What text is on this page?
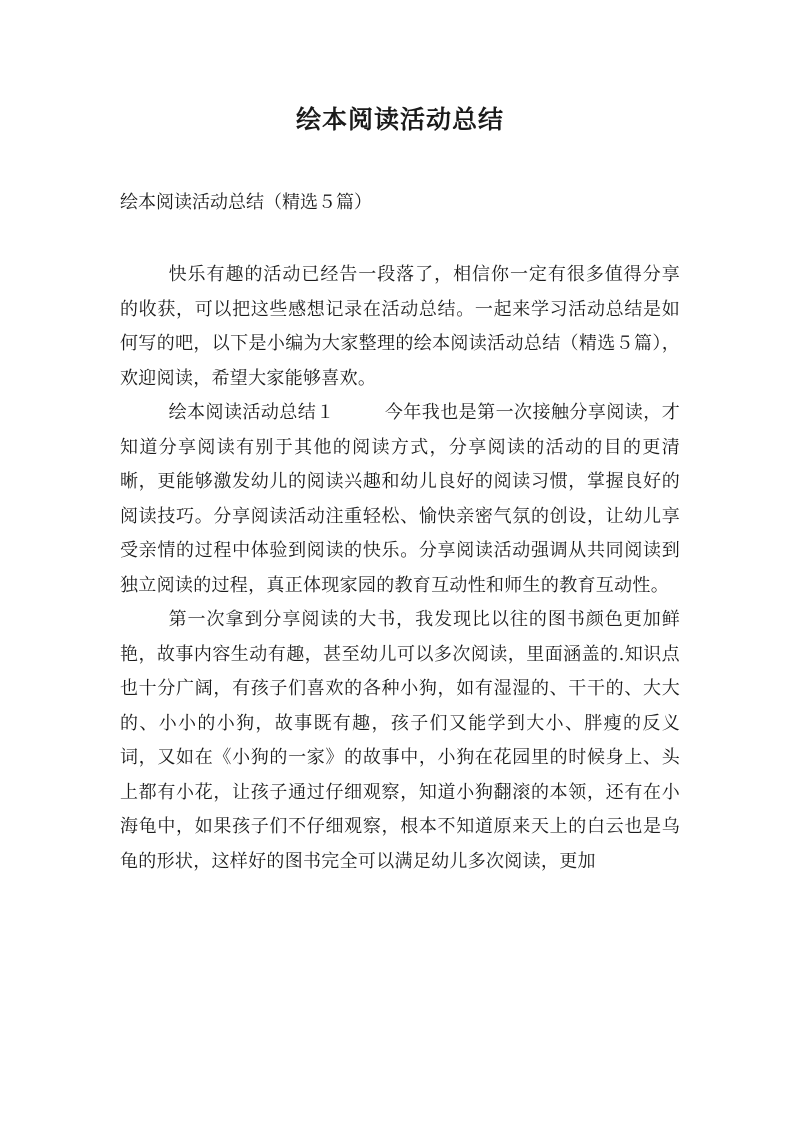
绘本阅读活动总结

绘本阅读活动总结（精选５篇）

快乐有趣的活动已经告一段落了，相信你一定有很多值得分享的收获，可以把这些感想记录在活动总结。一起来学习活动总结是如何写的吧，以下是小编为大家整理的绘本阅读活动总结（精选５篇），欢迎阅读，希望大家能够喜欢。

绘本阅读活动总结１	今年我也是第一次接触分享阅读，才知道分享阅读有别于其他的阅读方式，分享阅读的活动的目的更清晰，更能够激发幼儿的阅读兴趣和幼儿良好的阅读习惯，掌握良好的阅读技巧。分享阅读活动注重轻松、愉快亲密气氛的创设，让幼儿享受亲情的过程中体验到阅读的快乐。分享阅读活动强调从共同阅读到独立阅读的过程，真正体现家园的教育互动性和师生的教育互动性。

第一次拿到分享阅读的大书，我发现比以往的图书颜色更加鲜艳，故事内容生动有趣，甚至幼儿可以多次阅读，里面涵盖的.知识点也十分广阔，有孩子们喜欢的各种小狗，如有湿湿的、干干的、大大的、小小的小狗，故事既有趣，孩子们又能学到大小、胖瘦的反义词，又如在《小狗的一家》的故事中，小狗在花园里的时候身上、头上都有小花，让孩子通过仔细观察，知道小狗翻滚的本领，还有在小海龟中，如果孩子们不仔细观察，根本不知道原来天上的白云也是乌龟的形状，这样好的图书完全可以满足幼儿多次阅读，更加
